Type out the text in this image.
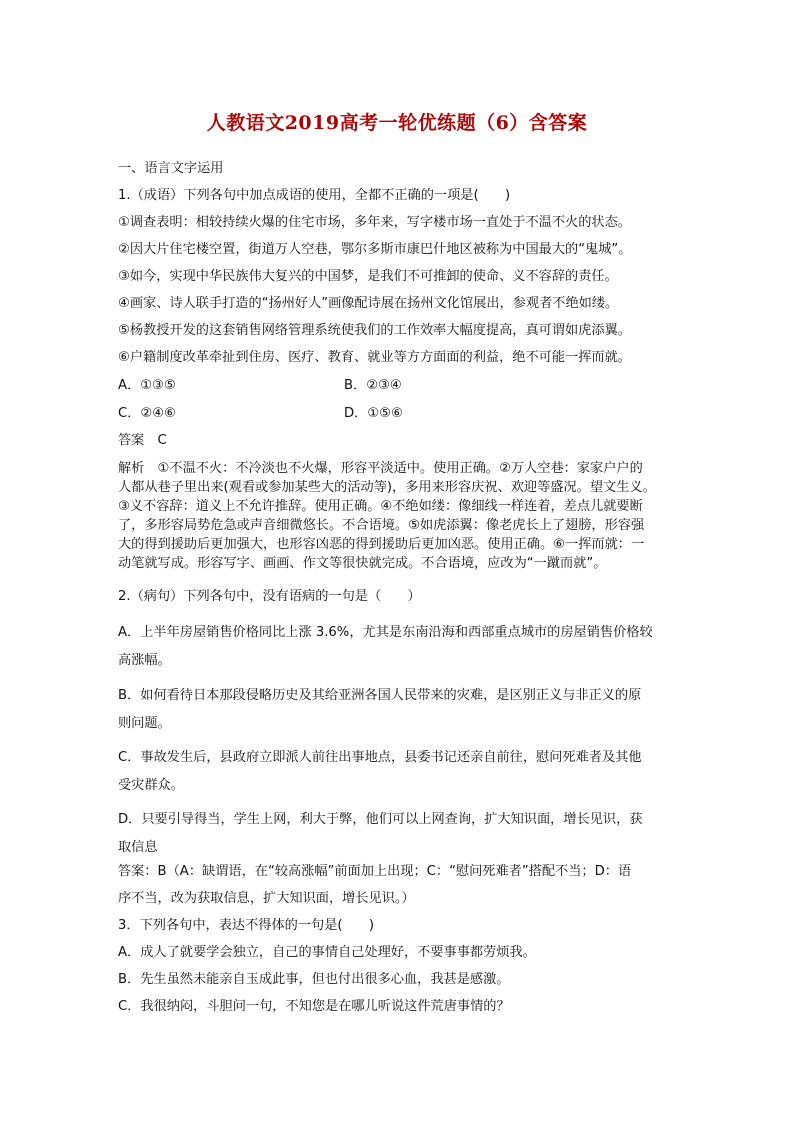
人教语文2019高考一轮优练题（6）含答案
一、语言文字运用
1.（成语）下列各句中加点成语的使用，全都不正确的一项是(　　)
①调查表明：相较持续火爆的住宅市场，多年来，写字楼市场一直处于不温不火的状态。
②因大片住宅楼空置，街道万人空巷，鄂尔多斯市康巴什地区被称为中国最大的“鬼城”。
③如今，实现中华民族伟大复兴的中国梦，是我们不可推卸的使命、义不容辞的责任。
④画家、诗人联手打造的“扬州好人”画像配诗展在扬州文化馆展出，参观者不绝如缕。
⑤杨教授开发的这套销售网络管理系统使我们的工作效率大幅度提高，真可谓如虎添翼。
⑥户籍制度改革牵扯到住房、医疗、教育、就业等方方面面的利益，绝不可能一挥而就。
A．①③⑤	B．②③④
C．②④⑥	D．①⑤⑥
答案　C
解析　①不温不火：不冷淡也不火爆，形容平淡适中。使用正确。②万人空巷：家家户户的
人都从巷子里出来(观看或参加某些大的活动等)，多用来形容庆祝、欢迎等盛况。望文生义。
③义不容辞：道义上不允许推辞。使用正确。④不绝如缕：像细线一样连着，差点儿就要断
了，多形容局势危急或声音细微悠长。不合语境。⑤如虎添翼：像老虎长上了翅膀，形容强
大的得到援助后更加强大，也形容凶恶的得到援助后更加凶恶。使用正确。⑥一挥而就：一
动笔就写成。形容写字、画画、作文等很快就完成。不合语境，应改为“一蹴而就”。
2.（病句）下列各句中，没有语病的一句是（　　）
A．上半年房屋销售价格同比上涨 3.6%，尤其是东南沿海和西部重点城市的房屋销售价格较
高涨幅。
B．如何看待日本那段侵略历史及其给亚洲各国人民带来的灾难，是区别正义与非正义的原
则问题。
C．事故发生后，县政府立即派人前往出事地点，县委书记还亲自前往，慰问死难者及其他
受灾群众。
D．只要引导得当，学生上网，利大于弊，他们可以上网查询，扩大知识面，增长见识，获
取信息
答案：B（A：缺谓语，在“较高涨幅”前面加上出现；C：“慰问死难者”搭配不当；D：语
序不当，改为获取信息，扩大知识面，增长见识。）
3．下列各句中，表达不得体的一句是(　　)
A．成人了就要学会独立，自己的事情自己处理好，不要事事都劳烦我。
B．先生虽然未能亲自玉成此事，但也付出很多心血，我甚是感激。
C．我很纳闷，斗胆问一句，不知您是在哪儿听说这件荒唐事情的？
